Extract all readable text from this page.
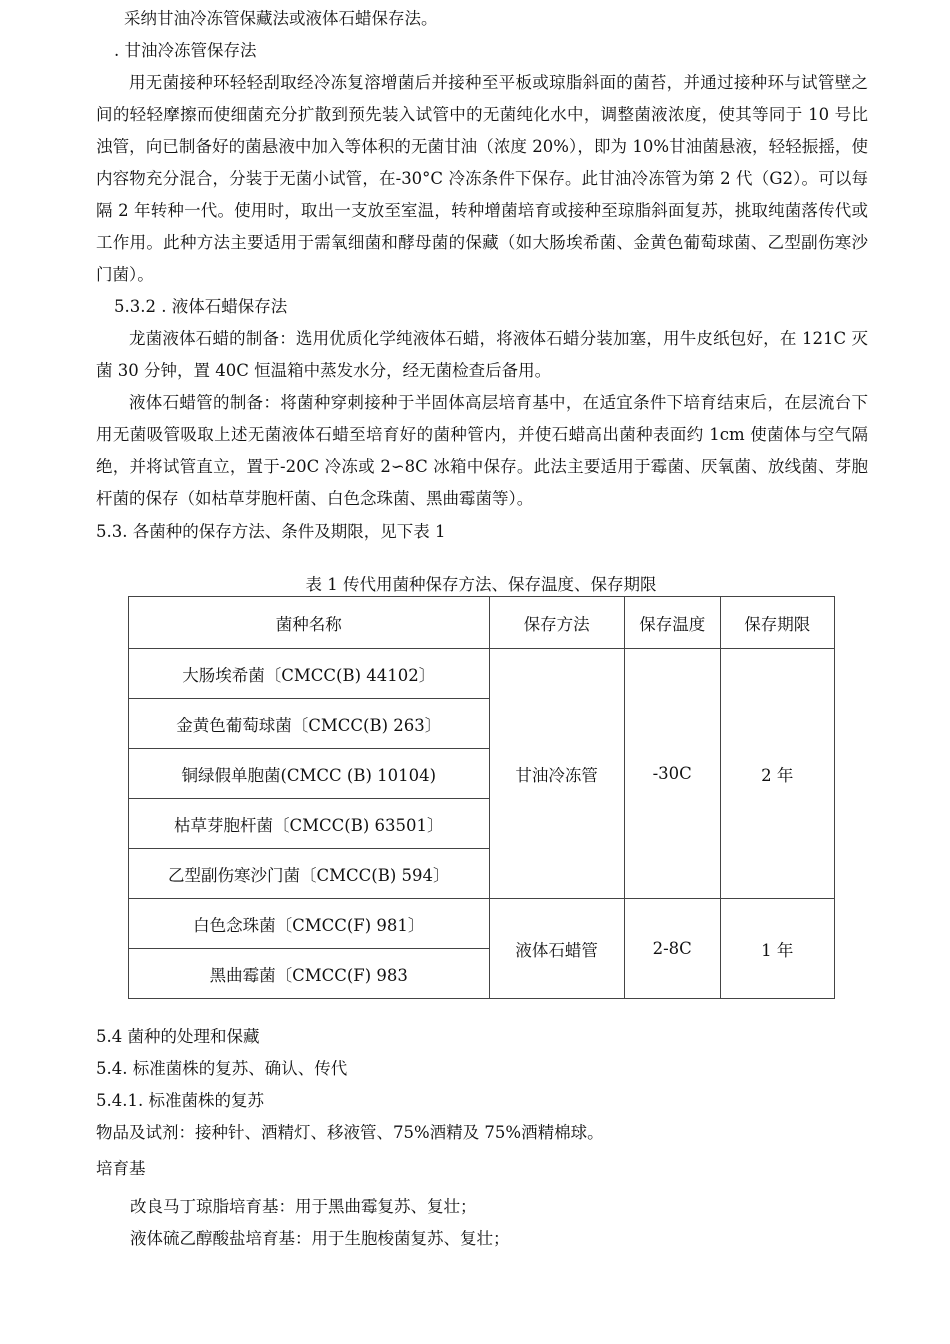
采纳甘油冷冻管保藏法或液体石蜡保存法。
. 甘油冷冻管保存法
用无菌接种环轻轻刮取经冷冻复溶增菌后并接种至平板或琼脂斜面的菌苔，并通过接种环与试管壁之间的轻轻摩擦而使细菌充分扩散到预先装入试管中的无菌纯化水中，调整菌液浓度，使其等同于 10 号比浊管，向已制备好的菌悬液中加入等体积的无菌甘油（浓度 20%），即为 10%甘油菌悬液，轻轻振摇，使内容物充分混合，分装于无菌小试管，在-30°C 冷冻条件下保存。此甘油冷冻管为第 2 代（G2）。可以每隔 2 年转种一代。使用时，取出一支放至室温，转种增菌培育或接种至琼脂斜面复苏，挑取纯菌落传代或工作用。此种方法主要适用于需氧细菌和酵母菌的保藏（如大肠埃希菌、金黄色葡萄球菌、乙型副伤寒沙门菌）。
5.3.2 . 液体石蜡保存法
龙菌液体石蜡的制备：选用优质化学纯液体石蜡，将液体石蜡分装加塞，用牛皮纸包好，在 121C 灭菌 30 分钟，置 40C 恒温箱中蒸发水分，经无菌检查后备用。
液体石蜡管的制备：将菌种穿刺接种于半固体高层培育基中，在适宜条件下培育结束后，在层流台下用无菌吸管吸取上述无菌液体石蜡至培育好的菌种管内，并使石蜡高出菌种表面约 1cm 使菌体与空气隔绝，并将试管直立，置于-20C 冷冻或 2∽8C 冰箱中保存。此法主要适用于霉菌、厌氧菌、放线菌、芽胞杆菌的保存（如枯草芽胞杆菌、白色念珠菌、黑曲霉菌等）。
5.3. 各菌种的保存方法、条件及期限，见下表 1
表 1 传代用菌种保存方法、保存温度、保存期限
菌种名称	保存方法	保存温度	保存期限
大肠埃希菌〔CMCC(B) 44102〕	甘油冷冻管	-30C	2 年
金黄色葡萄球菌〔CMCC(B) 263〕			
铜绿假单胞菌(CMCC (B) 10104)			
枯草芽胞杆菌〔CMCC(B) 63501〕			
乙型副伤寒沙门菌〔CMCC(B) 594〕			
白色念珠菌〔CMCC(F) 981〕	液体石蜡管	2-8C	1 年
黑曲霉菌〔CMCC(F) 983			
5.4 菌种的处理和保藏
5.4. 标准菌株的复苏、确认、传代
5.4.1. 标准菌株的复苏
物品及试剂：接种针、酒精灯、移液管、75%酒精及 75%酒精棉球。
培育基
改良马丁琼脂培育基：用于黑曲霉复苏、复壮；
液体硫乙醇酸盐培育基：用于生胞梭菌复苏、复壮；
